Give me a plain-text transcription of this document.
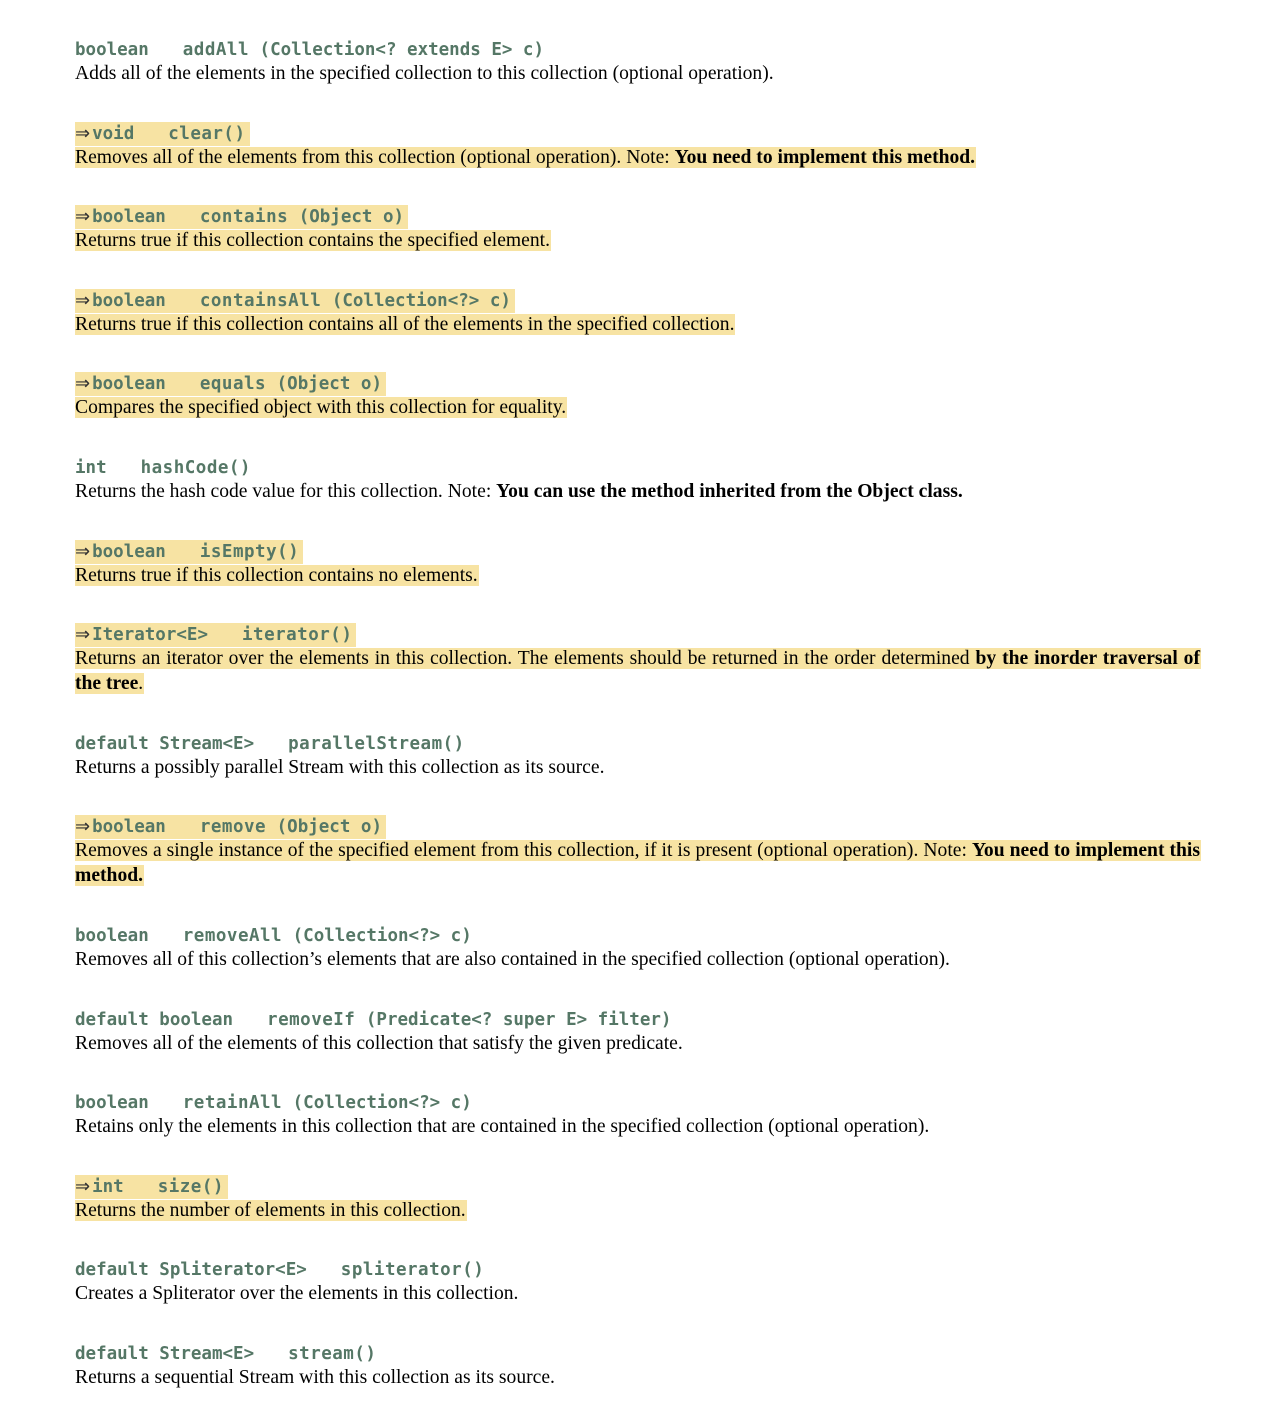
boolean addAll (Collection<? extends E> c)

Adds all of the elements in the specified collection to this collection (optional operation).

⇒ void clear()

Removes all of the elements from this collection (optional operation). Note: You need to implement this method.

⇒ boolean contains (Object o)

Returns true if this collection contains the specified element.

⇒ boolean containsAll (Collection<?> c)

Returns true if this collection contains all of the elements in the specified collection.

⇒ boolean equals (Object o)

Compares the specified object with this collection for equality.

int hashCode()

Returns the hash code value for this collection. Note: You can use the method inherited from the Object class.

⇒ boolean isEmpty()

Returns true if this collection contains no elements.

⇒ Iterator<E> iterator()

Returns an iterator over the elements in this collection. The elements should be returned in the order determined by the inorder traversal of the tree.

default Stream<E> parallelStream()

Returns a possibly parallel Stream with this collection as its source.

⇒ boolean remove (Object o)

Removes a single instance of the specified element from this collection, if it is present (optional operation). Note: You need to implement this method.

boolean removeAll (Collection<?> c)

Removes all of this collection’s elements that are also contained in the specified collection (optional operation).

default boolean removeIf (Predicate<? super E> filter)

Removes all of the elements of this collection that satisfy the given predicate.

boolean retainAll (Collection<?> c)

Retains only the elements in this collection that are contained in the specified collection (optional operation).

⇒ int size()

Returns the number of elements in this collection.

default Spliterator<E> spliterator()

Creates a Spliterator over the elements in this collection.

default Stream<E> stream()

Returns a sequential Stream with this collection as its source.
